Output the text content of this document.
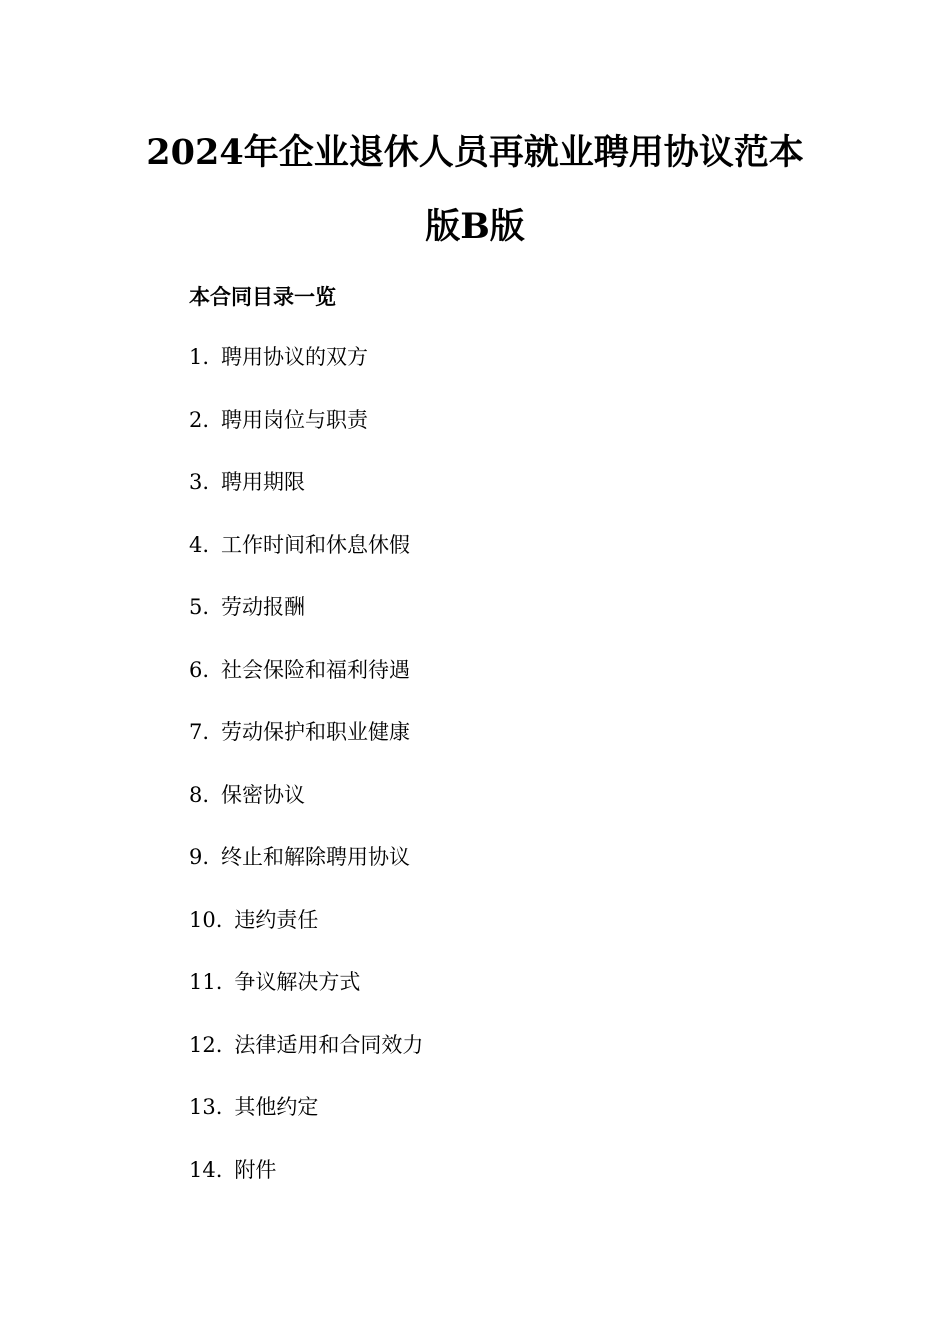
2024年企业退休人员再就业聘用协议范本
版B版
本合同目录一览
1. 聘用协议的双方
2. 聘用岗位与职责
3. 聘用期限
4. 工作时间和休息休假
5. 劳动报酬
6. 社会保险和福利待遇
7. 劳动保护和职业健康
8. 保密协议
9. 终止和解除聘用协议
10. 违约责任
11. 争议解决方式
12. 法律适用和合同效力
13. 其他约定
14. 附件
